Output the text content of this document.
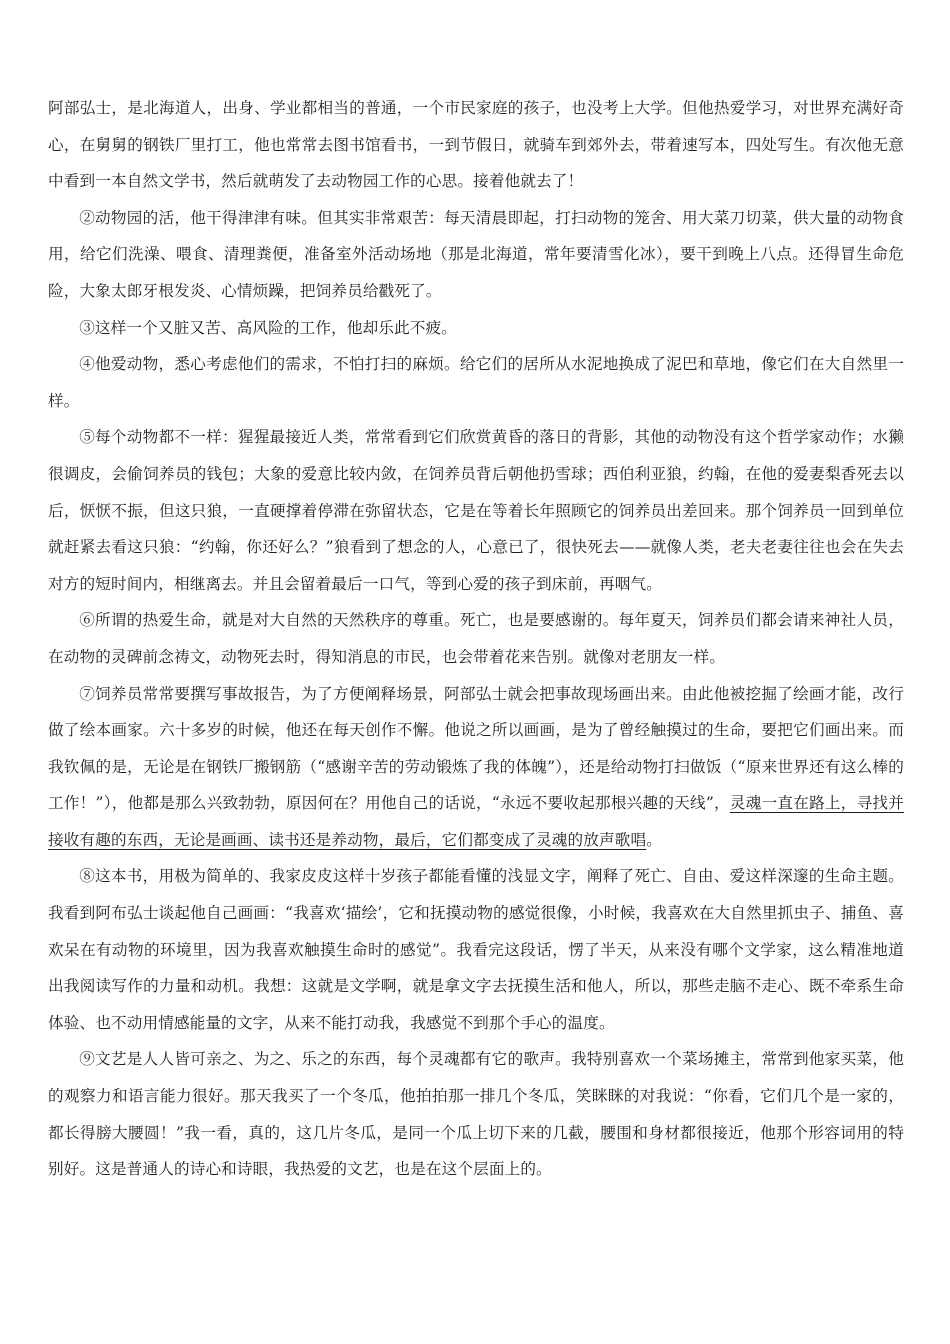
阿部弘士，是北海道人，出身、学业都相当的普通，一个市民家庭的孩子，也没考上大学。但他热爱学习，对世界充满好奇心，在舅舅的钢铁厂里打工，他也常常去图书馆看书，一到节假日，就骑车到郊外去，带着速写本，四处写生。有次他无意中看到一本自然文学书，然后就萌发了去动物园工作的心思。接着他就去了！

②动物园的活，他干得津津有味。但其实非常艰苦：每天清晨即起，打扫动物的笼舍、用大菜刀切菜，供大量的动物食用，给它们洗澡、喂食、清理粪便，准备室外活动场地（那是北海道，常年要清雪化冰），要干到晚上八点。还得冒生命危险，大象太郎牙根发炎、心情烦躁，把饲养员给戳死了。

③这样一个又脏又苦、高风险的工作，他却乐此不疲。

④他爱动物，悉心考虑他们的需求，不怕打扫的麻烦。给它们的居所从水泥地换成了泥巴和草地，像它们在大自然里一样。

⑤每个动物都不一样：猩猩最接近人类，常常看到它们欣赏黄昏的落日的背影，其他的动物没有这个哲学家动作；水獭很调皮，会偷饲养员的钱包；大象的爱意比较内敛，在饲养员背后朝他扔雪球；西伯利亚狼，约翰，在他的爱妻梨香死去以后，恹恹不振，但这只狼，一直硬撑着停滞在弥留状态，它是在等着长年照顾它的饲养员出差回来。那个饲养员一回到单位就赶紧去看这只狼：“约翰，你还好么？”狼看到了想念的人，心意已了，很快死去——就像人类，老夫老妻往往也会在失去对方的短时间内，相继离去。并且会留着最后一口气，等到心爱的孩子到床前，再咽气。

⑥所谓的热爱生命，就是对大自然的天然秩序的尊重。死亡，也是要感谢的。每年夏天，饲养员们都会请来神社人员，在动物的灵碑前念祷文，动物死去时，得知消息的市民，也会带着花来告别。就像对老朋友一样。

⑦饲养员常常要撰写事故报告，为了方便阐释场景，阿部弘士就会把事故现场画出来。由此他被挖掘了绘画才能，改行做了绘本画家。六十多岁的时候，他还在每天创作不懈。他说之所以画画，是为了曾经触摸过的生命，要把它们画出来。而我钦佩的是，无论是在钢铁厂搬钢筋（“感谢辛苦的劳动锻炼了我的体魄”），还是给动物打扫做饭（“原来世界还有这么棒的工作！”），他都是那么兴致勃勃，原因何在？用他自己的话说，“永远不要收起那根兴趣的天线”，灵魂一直在路上，寻找并接收有趣的东西，无论是画画、读书还是养动物，最后，它们都变成了灵魂的放声歌唱。

⑧这本书，用极为简单的、我家皮皮这样十岁孩子都能看懂的浅显文字，阐释了死亡、自由、爱这样深邃的生命主题。我看到阿布弘士谈起他自己画画：“我喜欢‘描绘’，它和抚摸动物的感觉很像，小时候，我喜欢在大自然里抓虫子、捕鱼、喜欢呆在有动物的环境里，因为我喜欢触摸生命时的感觉”。我看完这段话，愣了半天，从来没有哪个文学家，这么精准地道出我阅读写作的力量和动机。我想：这就是文学啊，就是拿文字去抚摸生活和他人，所以，那些走脑不走心、既不牵系生命体验、也不动用情感能量的文字，从来不能打动我，我感觉不到那个手心的温度。

⑨文艺是人人皆可亲之、为之、乐之的东西，每个灵魂都有它的歌声。我特别喜欢一个菜场摊主，常常到他家买菜，他的观察力和语言能力很好。那天我买了一个冬瓜，他拍拍那一排几个冬瓜，笑眯眯的对我说：“你看，它们几个是一家的，都长得膀大腰圆！”我一看，真的，这几片冬瓜，是同一个瓜上切下来的几截，腰围和身材都很接近，他那个形容词用的特别好。这是普通人的诗心和诗眼，我热爱的文艺，也是在这个层面上的。
